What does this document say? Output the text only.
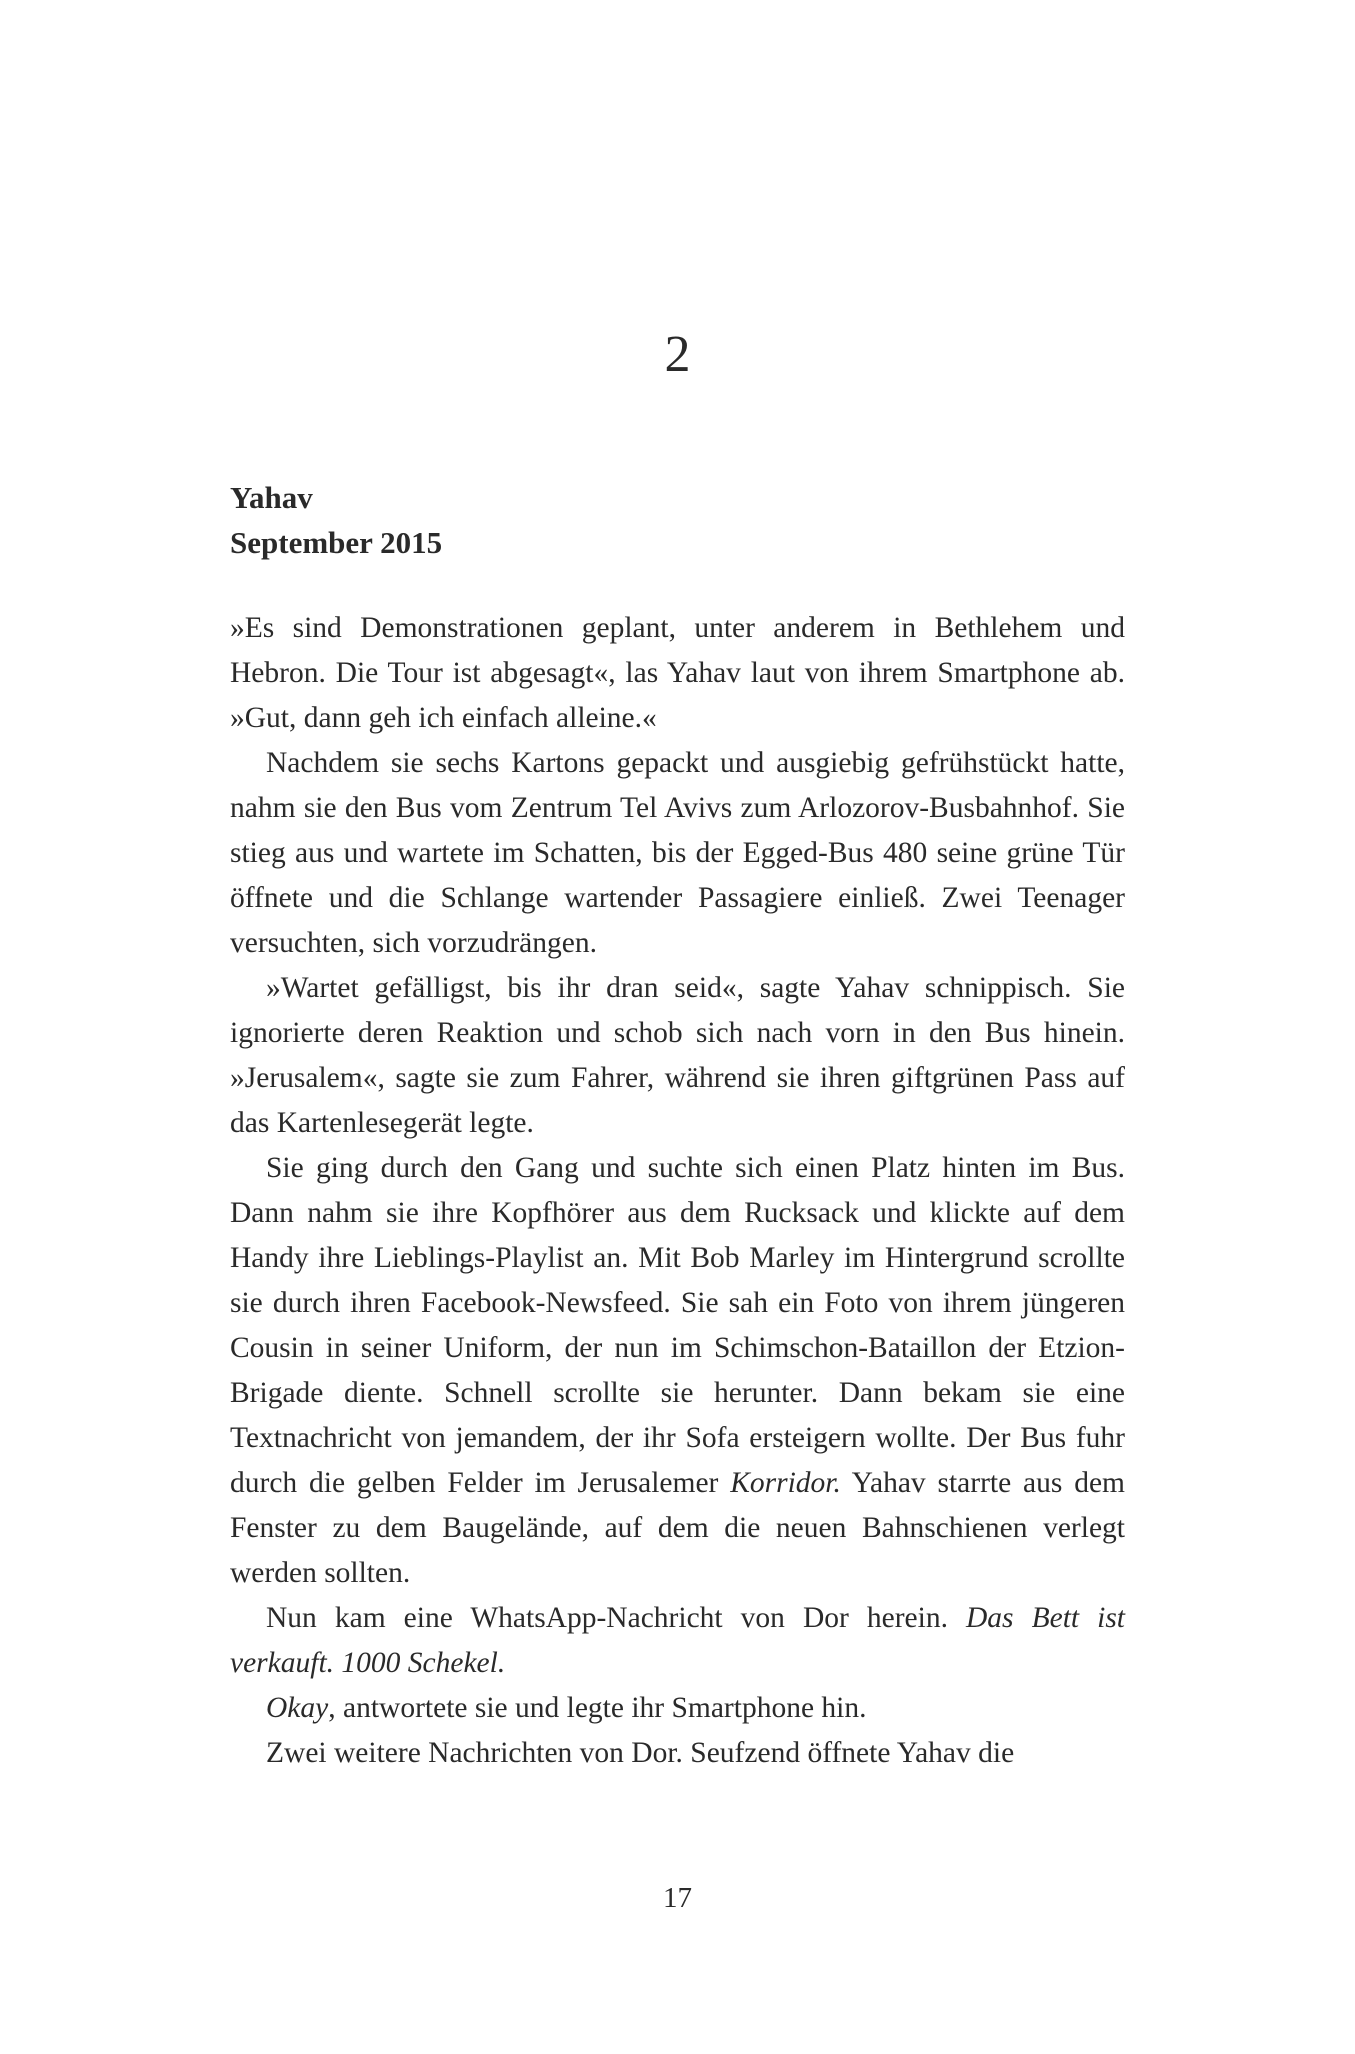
2
Yahav
September 2015

»Es sind Demonstrationen geplant, unter anderem in Bethlehem und Hebron. Die Tour ist abgesagt«, las Yahav laut von ihrem Smartphone ab. »Gut, dann geh ich einfach alleine.«

Nachdem sie sechs Kartons gepackt und ausgiebig gefrühstückt hatte, nahm sie den Bus vom Zentrum Tel Avivs zum Arlozorov-Busbahnhof. Sie stieg aus und wartete im Schatten, bis der Egged-Bus 480 seine grüne Tür öffnete und die Schlange wartender Passagiere einließ. Zwei Teenager versuchten, sich vorzudrängen.

»Wartet gefälligst, bis ihr dran seid«, sagte Yahav schnippisch. Sie ignorierte deren Reaktion und schob sich nach vorn in den Bus hinein. »Jerusalem«, sagte sie zum Fahrer, während sie ihren giftgrünen Pass auf das Kartenlesegerät legte.

Sie ging durch den Gang und suchte sich einen Platz hinten im Bus. Dann nahm sie ihre Kopfhörer aus dem Rucksack und klickte auf dem Handy ihre Lieblings-Playlist an. Mit Bob Marley im Hintergrund scrollte sie durch ihren Facebook-Newsfeed. Sie sah ein Foto von ihrem jüngeren Cousin in seiner Uniform, der nun im Schimschon-Bataillon der Etzion-Brigade diente. Schnell scrollte sie herunter. Dann bekam sie eine Textnachricht von jemandem, der ihr Sofa ersteigern wollte. Der Bus fuhr durch die gelben Felder im Jerusalemer Korridor. Yahav starrte aus dem Fenster zu dem Baugelände, auf dem die neuen Bahnschienen verlegt werden sollten.

Nun kam eine WhatsApp-Nachricht von Dor herein. Das Bett ist verkauft. 1000 Schekel.

Okay, antwortete sie und legte ihr Smartphone hin.

Zwei weitere Nachrichten von Dor. Seufzend öffnete Yahav die

17
